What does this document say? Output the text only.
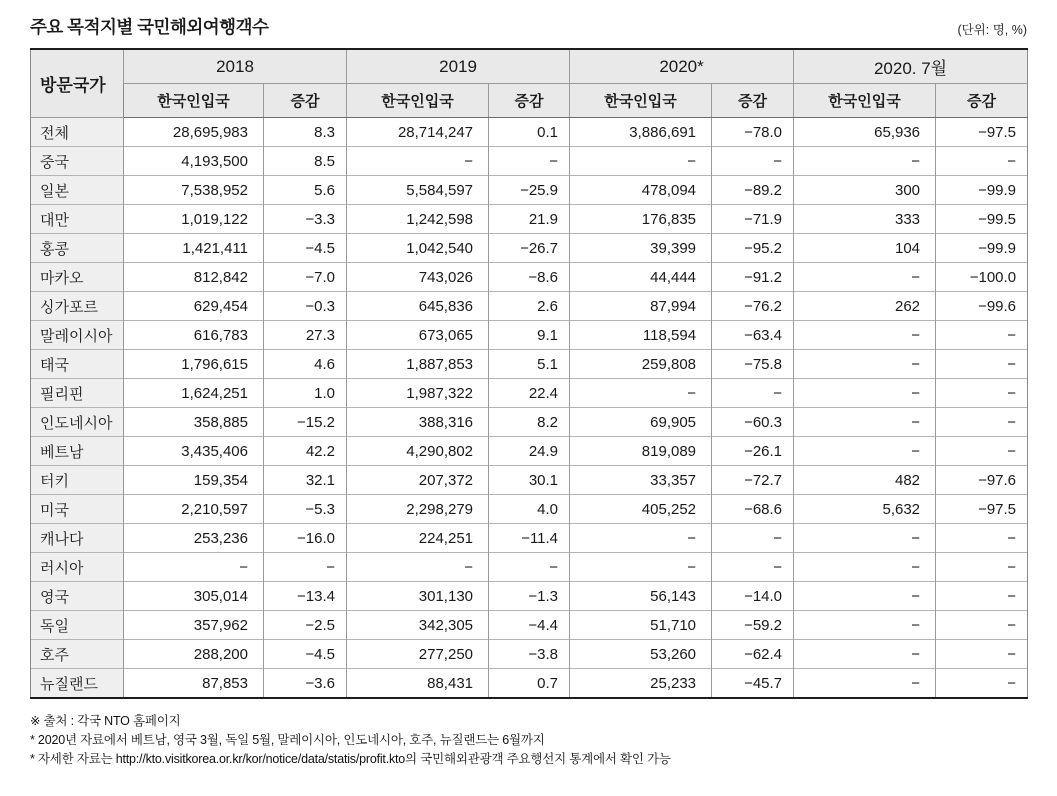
주요 목적지별 국민해외여행객수	(단위: 명, %)
방문국가	2018		2019		2020*		2020. 7월	
	한국인입국	증감	한국인입국	증감	한국인입국	증감	한국인입국	증감
전체	28,695,983	8.3	28,714,247	0.1	3,886,691	−78.0	65,936	−97.5
중국	4,193,500	8.5	−	−	−	−	−	−
일본	7,538,952	5.6	5,584,597	−25.9	478,094	−89.2	300	−99.9
대만	1,019,122	−3.3	1,242,598	21.9	176,835	−71.9	333	−99.5
홍콩	1,421,411	−4.5	1,042,540	−26.7	39,399	−95.2	104	−99.9
마카오	812,842	−7.0	743,026	−8.6	44,444	−91.2	−	−100.0
싱가포르	629,454	−0.3	645,836	2.6	87,994	−76.2	262	−99.6
말레이시아	616,783	27.3	673,065	9.1	118,594	−63.4	−	−
태국	1,796,615	4.6	1,887,853	5.1	259,808	−75.8	−	−
필리핀	1,624,251	1.0	1,987,322	22.4	−	−	−	−
인도네시아	358,885	−15.2	388,316	8.2	69,905	−60.3	−	−
베트남	3,435,406	42.2	4,290,802	24.9	819,089	−26.1	−	−
터키	159,354	32.1	207,372	30.1	33,357	−72.7	482	−97.6
미국	2,210,597	−5.3	2,298,279	4.0	405,252	−68.6	5,632	−97.5
캐나다	253,236	−16.0	224,251	−11.4	−	−	−	−
러시아	−	−	−	−	−	−	−	−
영국	305,014	−13.4	301,130	−1.3	56,143	−14.0	−	−
독일	357,962	−2.5	342,305	−4.4	51,710	−59.2	−	−
호주	288,200	−4.5	277,250	−3.8	53,260	−62.4	−	−
뉴질랜드	87,853	−3.6	88,431	0.7	25,233	−45.7	−	−
※ 출처 : 각국 NTO 홈페이지
* 2020년 자료에서 베트남, 영국 3월, 독일 5월, 말레이시아, 인도네시아, 호주, 뉴질랜드는 6월까지
* 자세한 자료는 http://kto.visitkorea.or.kr/kor/notice/data/statis/profit.kto의 국민해외관광객 주요행선지 통계에서 확인 가능
